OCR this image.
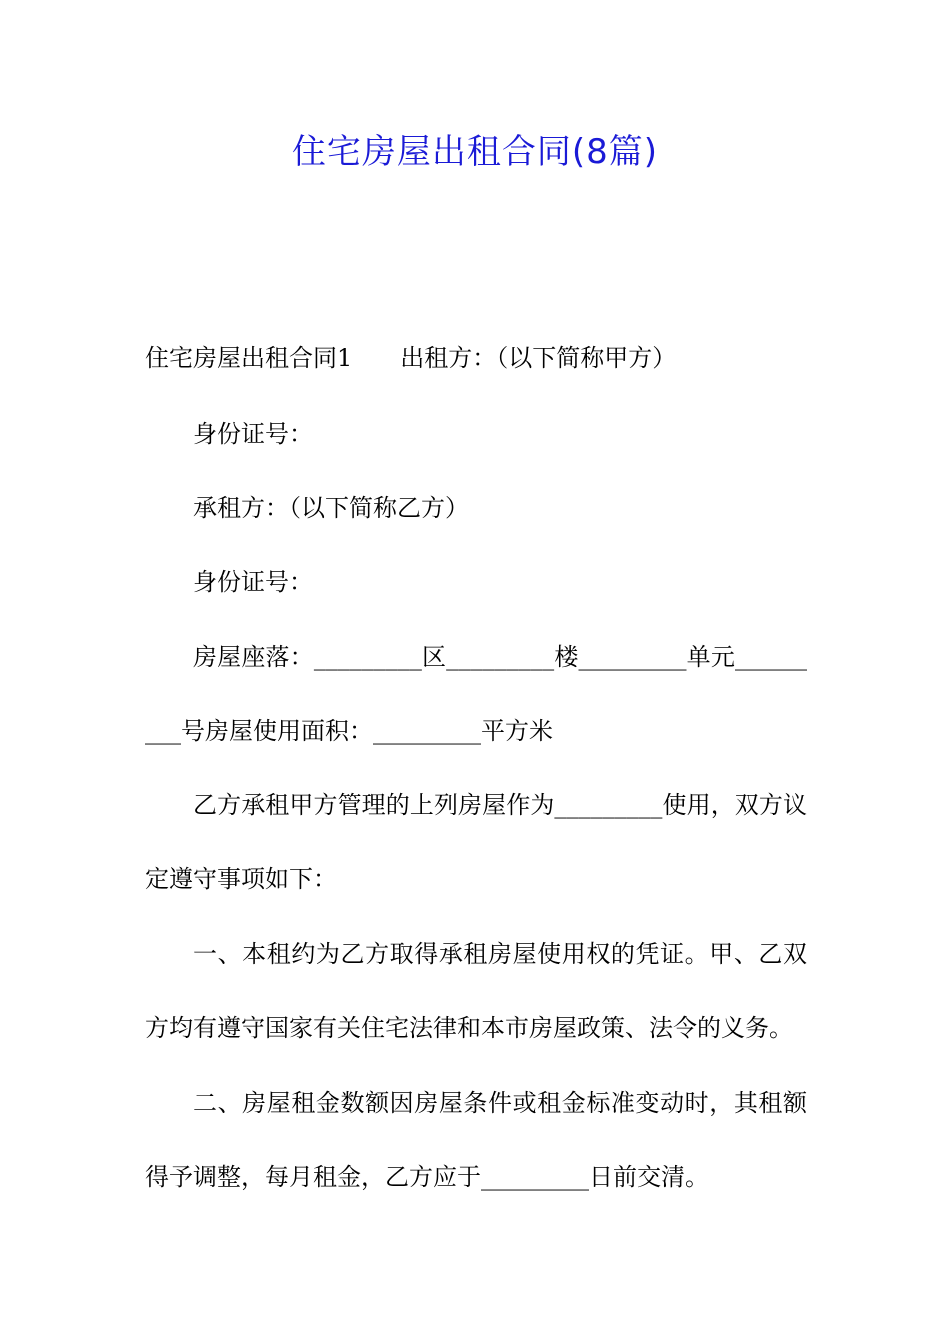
住宅房屋出租合同(8篇)
住宅房屋出租合同1　　出租方：（以下简称甲方）
身份证号：
承租方：（以下简称乙方）
身份证号：
房屋座落：_________区_________楼_________单元______
___号房屋使用面积：_________平方米
乙方承租甲方管理的上列房屋作为_________使用，双方议
定遵守事项如下：
一、本租约为乙方取得承租房屋使用权的凭证。甲、乙双
方均有遵守国家有关住宅法律和本市房屋政策、法令的义务。
二、房屋租金数额因房屋条件或租金标准变动时，其租额
得予调整，每月租金，乙方应于_________日前交清。
